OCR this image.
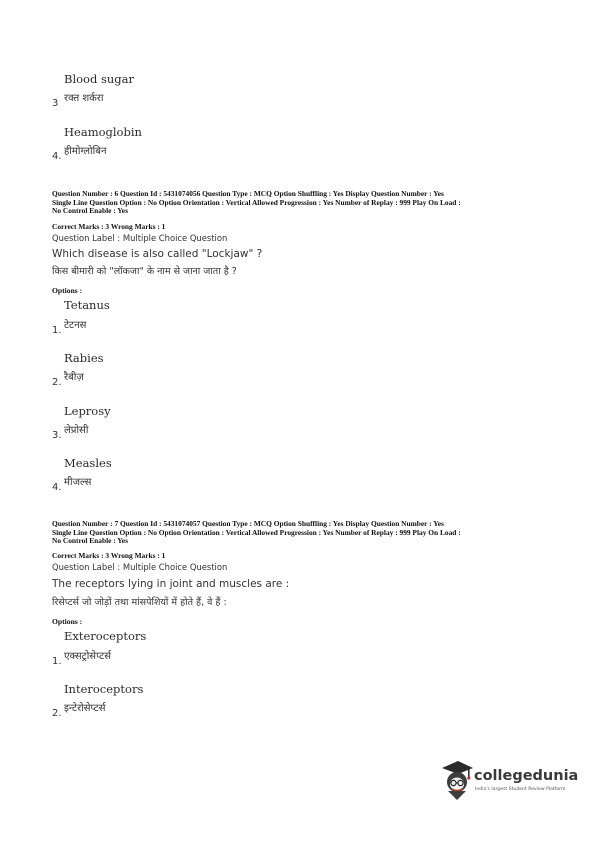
Blood sugar
रक्त शर्करा
3
Heamoglobin
हीमोग्लोबिन
4.
Question Number : 6 Question Id : 5431074056 Question Type : MCQ Option Shuffling : Yes Display Question Number : Yes
Single Line Question Option : No Option Orientation : Vertical Allowed Progression : Yes Number of Replay : 999 Play On Load :
No Control Enable : Yes
Correct Marks : 3 Wrong Marks : 1
Question Label : Multiple Choice Question
Which disease is also called "Lockjaw" ?
किस बीमारी को "लॉकजा" के नाम से जाना जाता है ?
Options :
Tetanus
टेटनस
1.
Rabies
रैबीज़
2.
Leprosy
लेप्रोसी
3.
Measles
मीजल्स
4.
Question Number : 7 Question Id : 5431074057 Question Type : MCQ Option Shuffling : Yes Display Question Number : Yes
Single Line Question Option : No Option Orientation : Vertical Allowed Progression : Yes Number of Replay : 999 Play On Load :
No Control Enable : Yes
Correct Marks : 3 Wrong Marks : 1
Question Label : Multiple Choice Question
The receptors lying in joint and muscles are :
रिसेप्टर्स जो जोड़ों तथा मांसपेशियों में होते हैं, वे हैं :
Options :
Exteroceptors
एक्सट्रोसेप्टर्स
1.
Interoceptors
इन्टेरोसेप्टर्स
2.
collegedunia
India's largest Student Review Platform
